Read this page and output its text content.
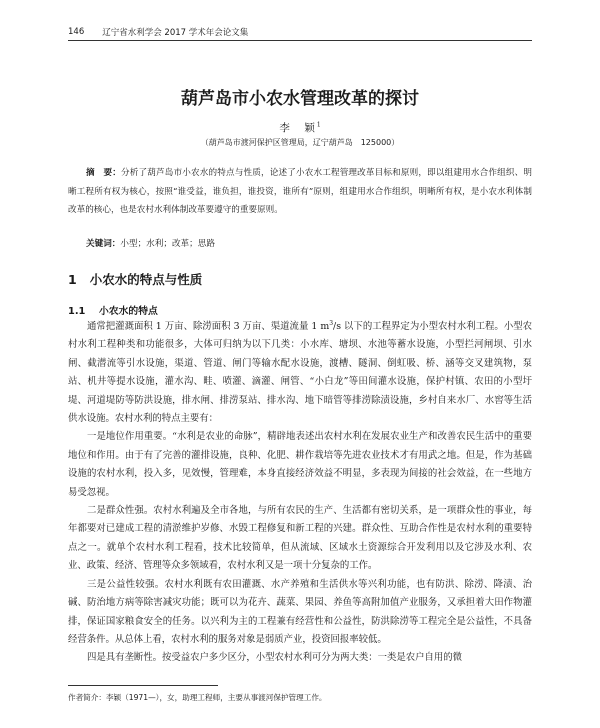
146 辽宁省水利学会 2017 学术年会论文集
葫芦岛市小农水管理改革的探讨
李　颖$^1$
（葫芦岛市渡河保护区管理局，辽宁葫芦岛　125000）
摘　要：分析了葫芦岛市小农水的特点与性质，论述了小农水工程管理改革目标和原则，即以组建用水合作组织、明晰工程所有权为核心，按照“谁受益，谁负担，谁投资，谁所有”原则，组建用水合作组织，明晰所有权，是小农水利体制改革的核心，也是农村水利体制改革要遵守的重要原则。
关键词：小型；水利；改革；思路
1 小农水的特点与性质
1.1 小农水的特点

通常把灌溉面积 1 万亩、除涝面积 3 万亩、渠道流量 1 $m^3/s$ 以下的工程界定为小型农村水利工程。小型农村水利工程种类和功能很多，大体可归纳为以下几类：小水库、塘坝、水池等蓄水设施，小型拦河闸坝、引水闸、截潜流等引水设施，渠道、管道、闸门等输水配水设施，渡槽、隧洞、倒虹吸、桥、涵等交叉建筑物，泵站、机井等提水设施，灌水沟、畦、喷灌、滴灌、闸管、“小白龙”等田间灌水设施，保护村镇、农田的小型圩堤、河道堤防等防洪设施，排水闸、排涝泵站、排水沟、地下暗管等排涝除渍设施，乡村自来水厂、水窖等生活供水设施。农村水利的特点主要有：

一是地位作用重要。“水利是农业的命脉”，精辟地表述出农村水利在发展农业生产和改善农民生活中的重要地位和作用。由于有了完善的灌排设施，良种、化肥、耕作栽培等先进农业技术才有用武之地。但是，作为基础设施的农村水利，投入多，见效慢，管理难，本身直接经济效益不明显，多表现为间接的社会效益，在一些地方易受忽视。

二是群众性强。农村水利遍及全市各地，与所有农民的生产、生活都有密切关系，是一项群众性的事业，每年都要对已建成工程的清淤维护岁修、水毁工程修复和新工程的兴建。群众性、互助合作性是农村水利的重要特点之一。就单个农村水利工程看，技术比较简单，但从流域、区域水土资源综合开发利用以及它涉及水利、农业、政策、经济、管理等众多领域看，农村水利又是一项十分复杂的工作。

三是公益性较强。农村水利既有农田灌溉、水产养殖和生活供水等兴利功能，也有防洪、除涝、降渍、治碱、防治地方病等除害减灾功能；既可以为花卉、蔬菜、果园、养鱼等高附加值产业服务，又承担着大田作物灌排，保证国家粮食安全的任务。以兴利为主的工程兼有经营性和公益性，防洪除涝等工程完全是公益性，不具备经营条件。从总体上看，农村水利的服务对象是弱质产业，投资回报率较低。

四是具有垄断性。按受益农户多少区分，小型农村水利可分为两大类：一类是农户自用的微

作者简介：李颖（1971—），女，助理工程师，主要从事渡河保护管理工作。
